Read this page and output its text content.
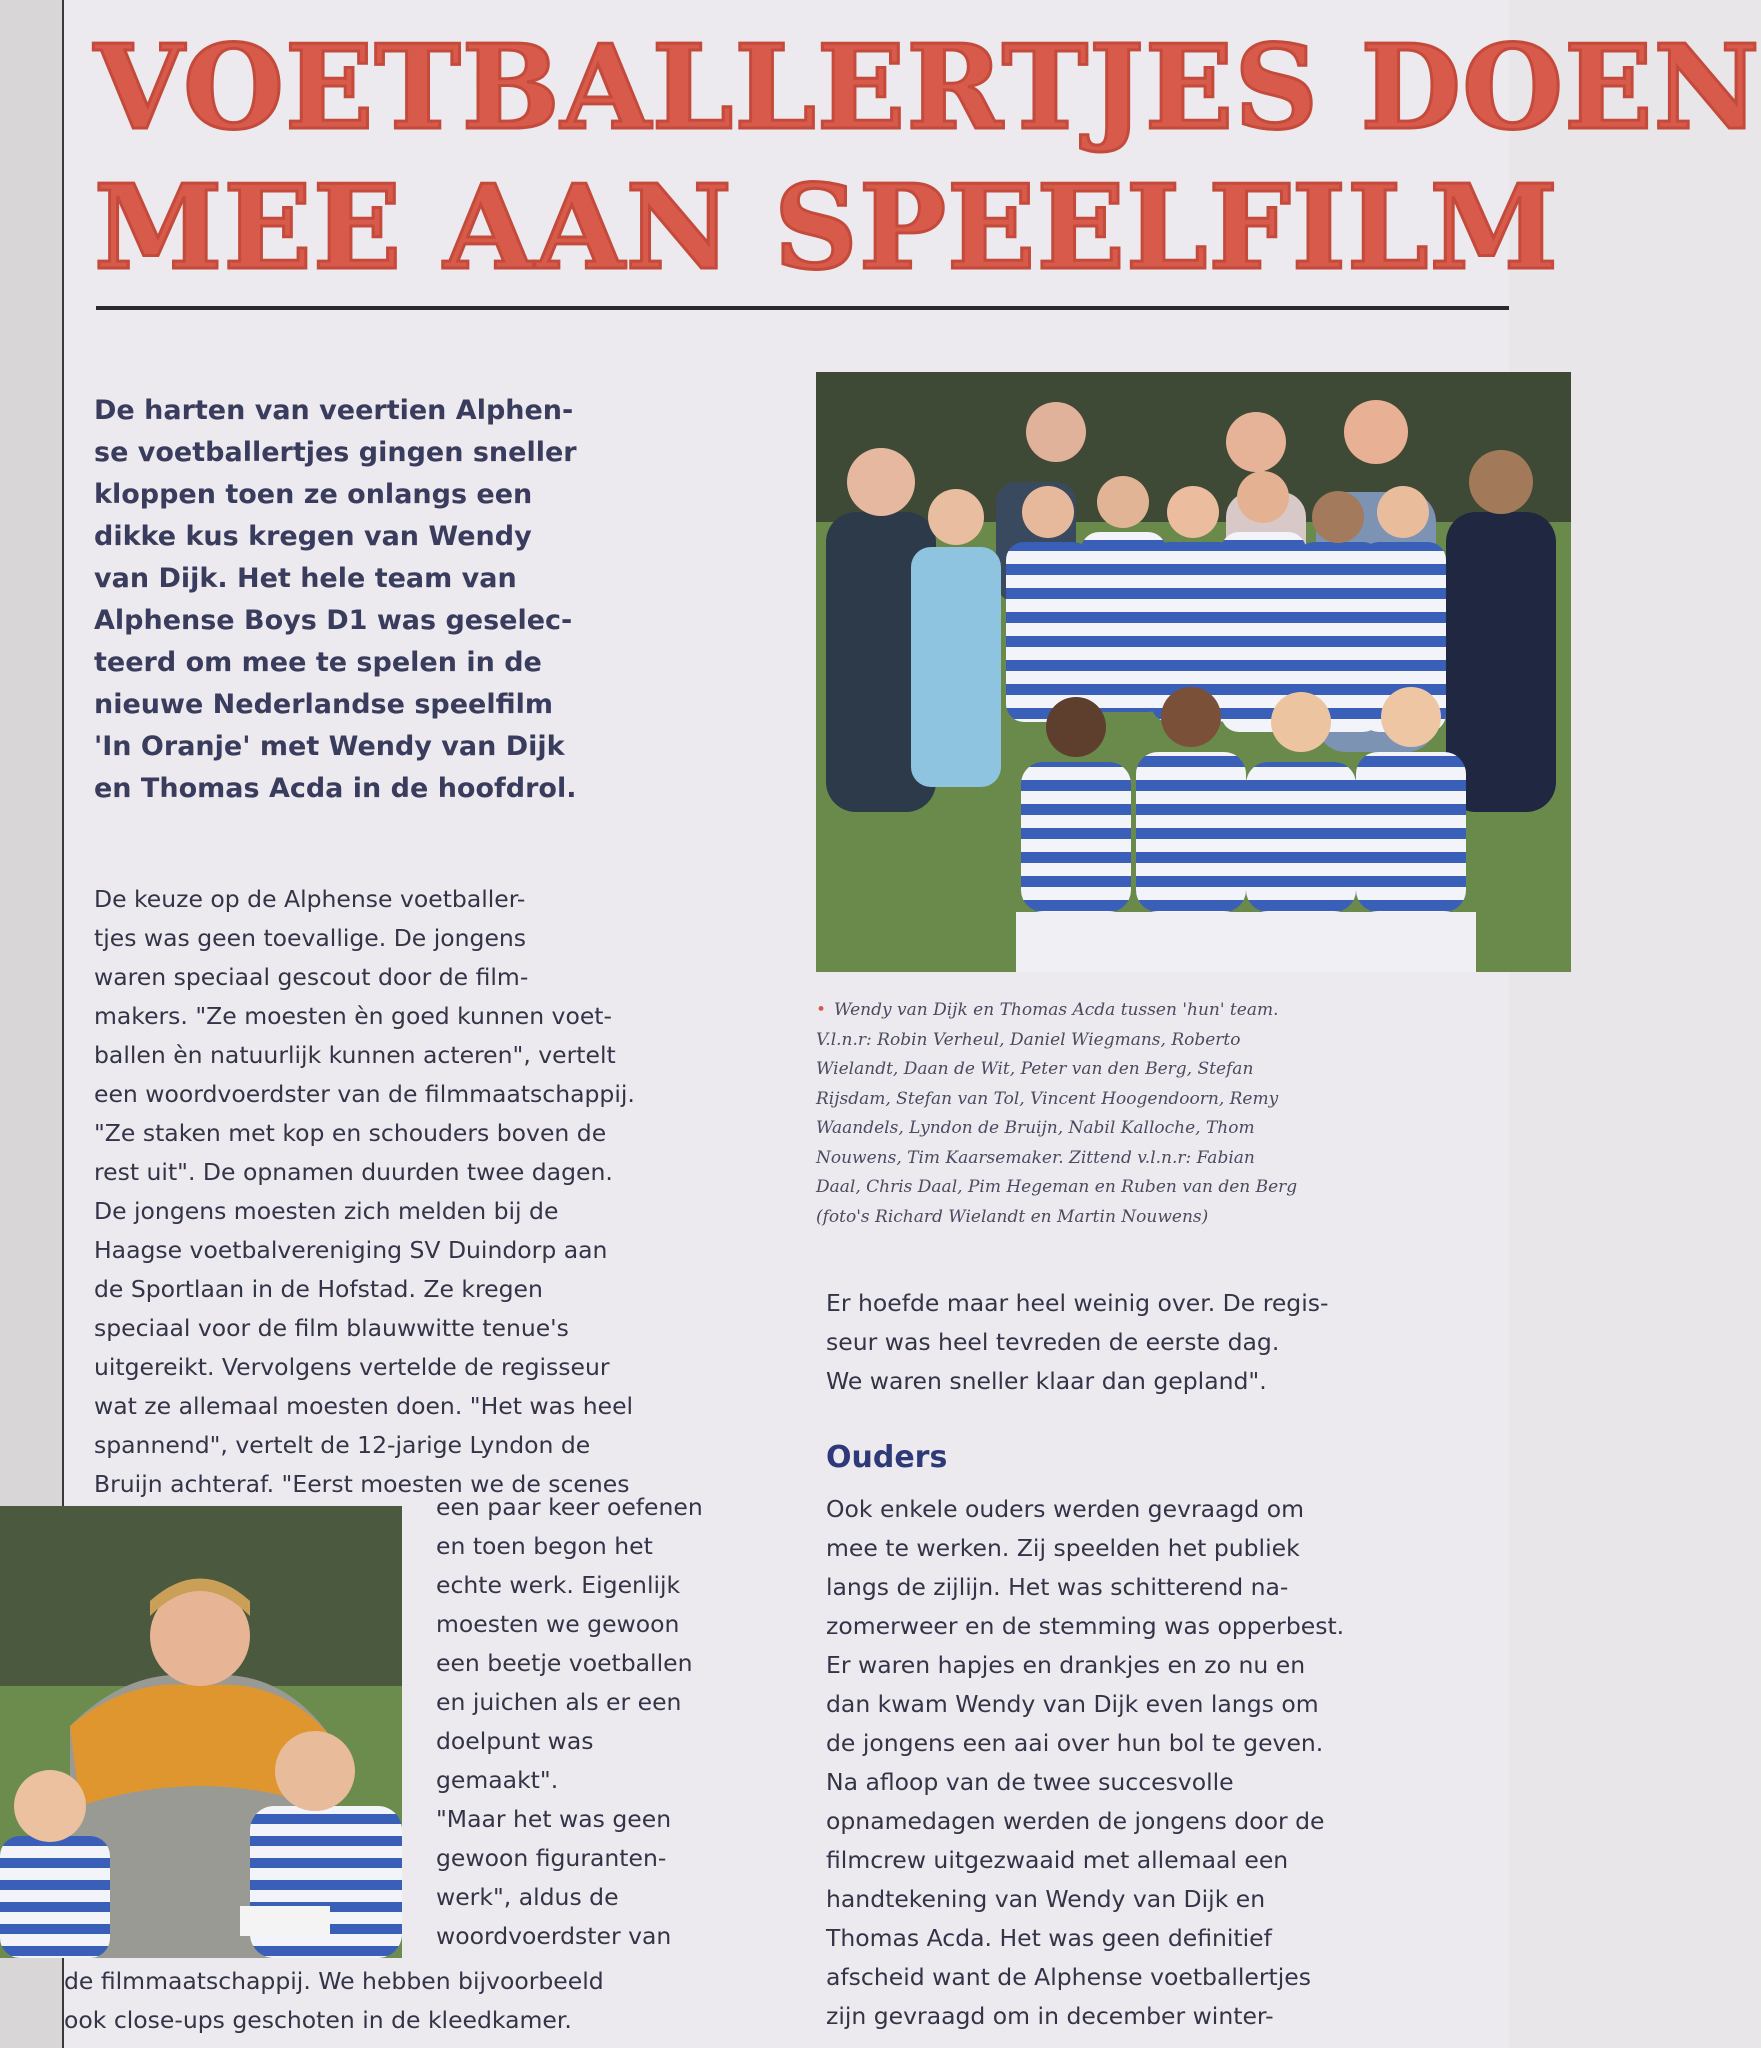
VOETBALLERTJES DOEN
MEE AAN SPEELFILM

De harten van veertien Alphen-
se voetballertjes gingen sneller
kloppen toen ze onlangs een
dikke kus kregen van Wendy
van Dijk. Het hele team van
Alphense Boys D1 was geselec-
teerd om mee te spelen in de
nieuwe Nederlandse speelfilm
'In Oranje' met Wendy van Dijk
en Thomas Acda in de hoofdrol.

• Wendy van Dijk en Thomas Acda tussen 'hun' team.
V.l.n.r: Robin Verheul, Daniel Wiegmans, Roberto
Wielandt, Daan de Wit, Peter van den Berg, Stefan
Rijsdam, Stefan van Tol, Vincent Hoogendoorn, Remy
Waandels, Lyndon de Bruijn, Nabil Kalloche, Thom
Nouwens, Tim Kaarsemaker. Zittend v.l.n.r: Fabian
Daal, Chris Daal, Pim Hegeman en Ruben van den Berg
(foto's Richard Wielandt en Martin Nouwens)

De keuze op de Alphense voetballer-
tjes was geen toevallige. De jongens
waren speciaal gescout door de film-
makers. "Ze moesten èn goed kunnen voet-
ballen èn natuurlijk kunnen acteren", vertelt
een woordvoerdster van de filmmaatschappij.
"Ze staken met kop en schouders boven de
rest uit". De opnamen duurden twee dagen.
De jongens moesten zich melden bij de
Haagse voetbalvereniging SV Duindorp aan
de Sportlaan in de Hofstad. Ze kregen
speciaal voor de film blauwwitte tenue's
uitgereikt. Vervolgens vertelde de regisseur
wat ze allemaal moesten doen. "Het was heel
spannend", vertelt de 12-jarige Lyndon de
Bruijn achteraf. "Eerst moesten we de scenes

een paar keer oefenen
en toen begon het
echte werk. Eigenlijk
moesten we gewoon
een beetje voetballen
en juichen als er een
doelpunt was
gemaakt".
"Maar het was geen
gewoon figuranten-
werk", aldus de
woordvoerdster van

Er hoefde maar heel weinig over. De regis-
seur was heel tevreden de eerste dag.
We waren sneller klaar dan gepland".

Ouders

Ook enkele ouders werden gevraagd om
mee te werken. Zij speelden het publiek
langs de zijlijn. Het was schitterend na-
zomerweer en de stemming was opperbest.
Er waren hapjes en drankjes en zo nu en
dan kwam Wendy van Dijk even langs om
de jongens een aai over hun bol te geven.
Na afloop van de twee succesvolle
opnamedagen werden de jongens door de
filmcrew uitgezwaaid met allemaal een
handtekening van Wendy van Dijk en
Thomas Acda. Het was geen definitief
afscheid want de Alphense voetballertjes
zijn gevraagd om in december winter-

de filmmaatschappij. We hebben bijvoorbeeld
ook close-ups geschoten in de kleedkamer.
